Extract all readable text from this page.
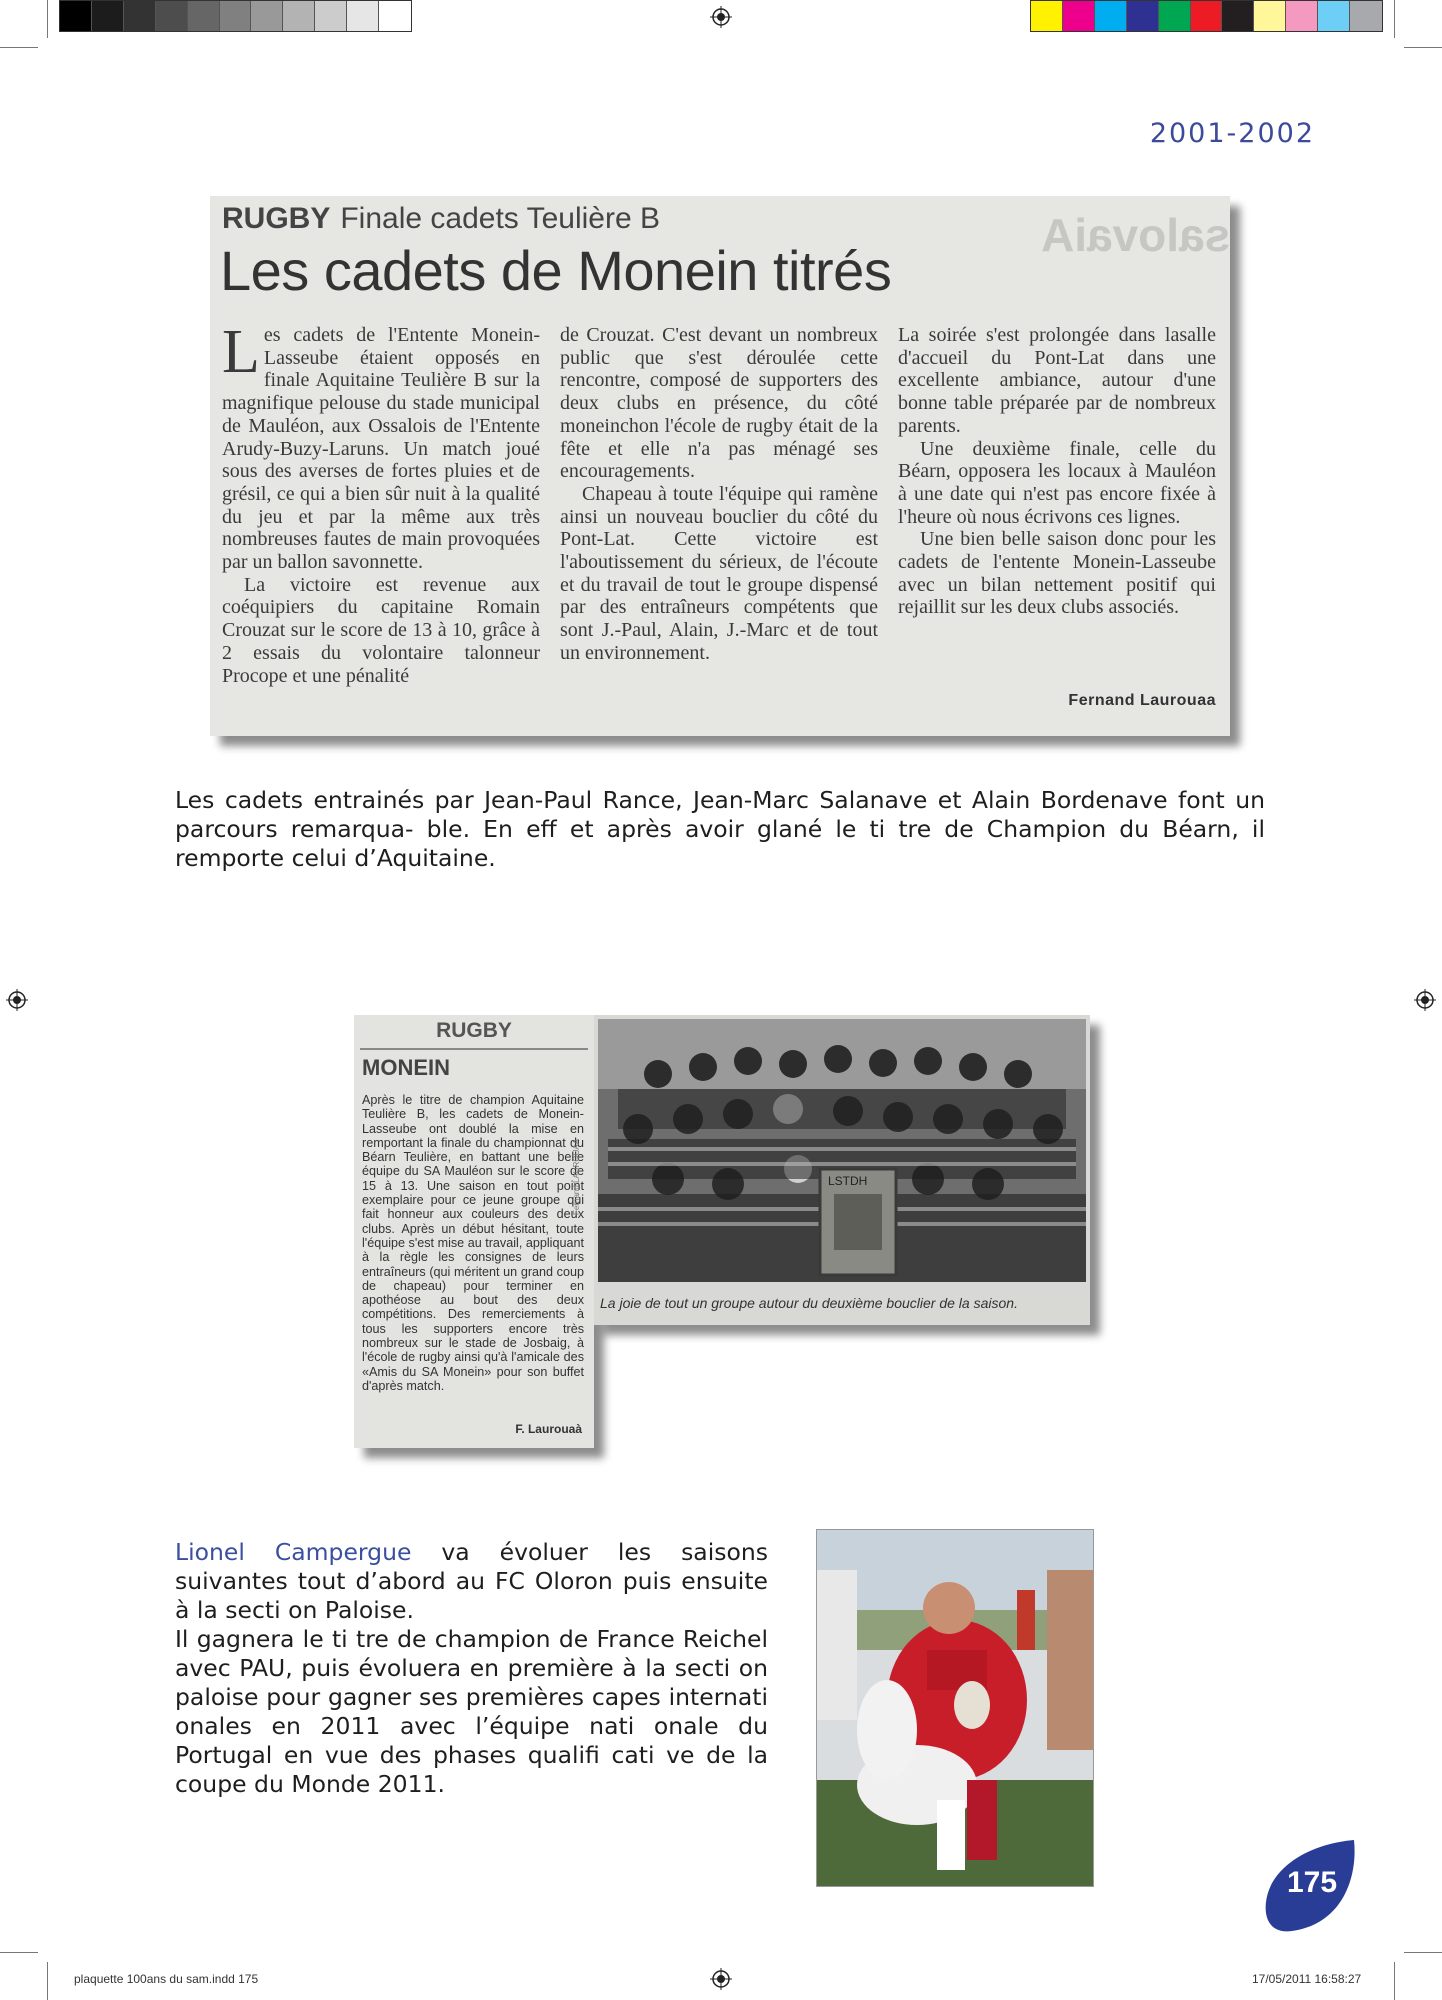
2001-2002
salovaiA
RUGBY Finale cadets Teulière B
Les cadets de Monein titrés

Les cadets de l'Entente Monein-Lasseube étaient opposés en finale Aquitaine Teulière B sur la magnifique pelouse du stade municipal de Mauléon, aux Ossalois de l'Entente Arudy-Buzy-Laruns. Un match joué sous des averses de fortes pluies et de grésil, ce qui a bien sûr nuit à la qualité du jeu et par la même aux très nombreuses fautes de main provoquées par un ballon savonnette.

La victoire est revenue aux coéquipiers du capitaine Romain Crouzat sur le score de 13 à 10, grâce à 2 essais du volontaire talonneur Procope et une pénalité

de Crouzat. C'est devant un nombreux public que s'est déroulée cette rencontre, composé de supporters des deux clubs en présence, du côté moneinchon l'école de rugby était de la fête et elle n'a pas ménagé ses encouragements.

Chapeau à toute l'équipe qui ramène ainsi un nouveau bouclier du côté du Pont-Lat. Cette victoire est l'aboutissement du sérieux, de l'écoute et du travail de tout le groupe dispensé par des entraîneurs compétents que sont J.-Paul, Alain, J.-Marc et de tout un environnement.

La soirée s'est prolongée dans lasalle d'accueil du Pont-Lat dans une excellente ambiance, autour d'une bonne table préparée par de nombreux parents.

Une deuxième finale, celle du Béarn, opposera les locaux à Mauléon à une date qui n'est pas encore fixée à l'heure où nous écrivons ces lignes.

Une bien belle saison donc pour les cadets de l'entente Monein-Lasseube avec un bilan nettement positif qui rejaillit sur les deux clubs associés.

Fernand Laurouaa
Les cadets entrainés par Jean-Paul Rance, Jean-Marc Salanave et Alain Bordenave font un parcours remarqua- ble. En eff et après avoir glané le ti tre de Champion du Béarn, il remporte celui d’Aquitaine.
RUGBY
MONEIN
Après le titre de champion Aquitaine Teulière B, les cadets de Monein-Lasseube ont doublé la mise en remportant la finale du championnat du Béarn Teulière, en battant une belle équipe du SA Mauléon sur le score de 15 à 13. Une saison en tout point exemplaire pour ce jeune groupe qui fait honneur aux couleurs des deux clubs. Après un début hésitant, toute l'équipe s'est mise au travail, appliquant à la règle les consignes de leurs entraîneurs (qui méritent un grand coup de chapeau) pour terminer en apothéose au bout des deux compétitions. Des remerciements à tous les supporters encore très nombreux sur le stade de Josbaig, à l'école de rugby ainsi qu'à l'amicale des «Amis du SA Monein» pour son buffet d'après match.
Fernand LAUROUAA
F. Laurouaà
LSTDH
La joie de tout un groupe autour du deuxième bouclier de la saison.

Lionel Campergue va évoluer les saisons suivantes tout d’abord au FC Oloron puis ensuite à la secti on Paloise.

Il gagnera le ti tre de champion de France Reichel avec PAU, puis évoluera en première à la secti on paloise pour gagner ses premières capes internati onales en 2011 avec l’équipe nati onale du Portugal en vue des phases qualifi cati ve de la coupe du Monde 2011.

175
plaquette 100ans du sam.indd 175	17/05/2011 16:58:27
